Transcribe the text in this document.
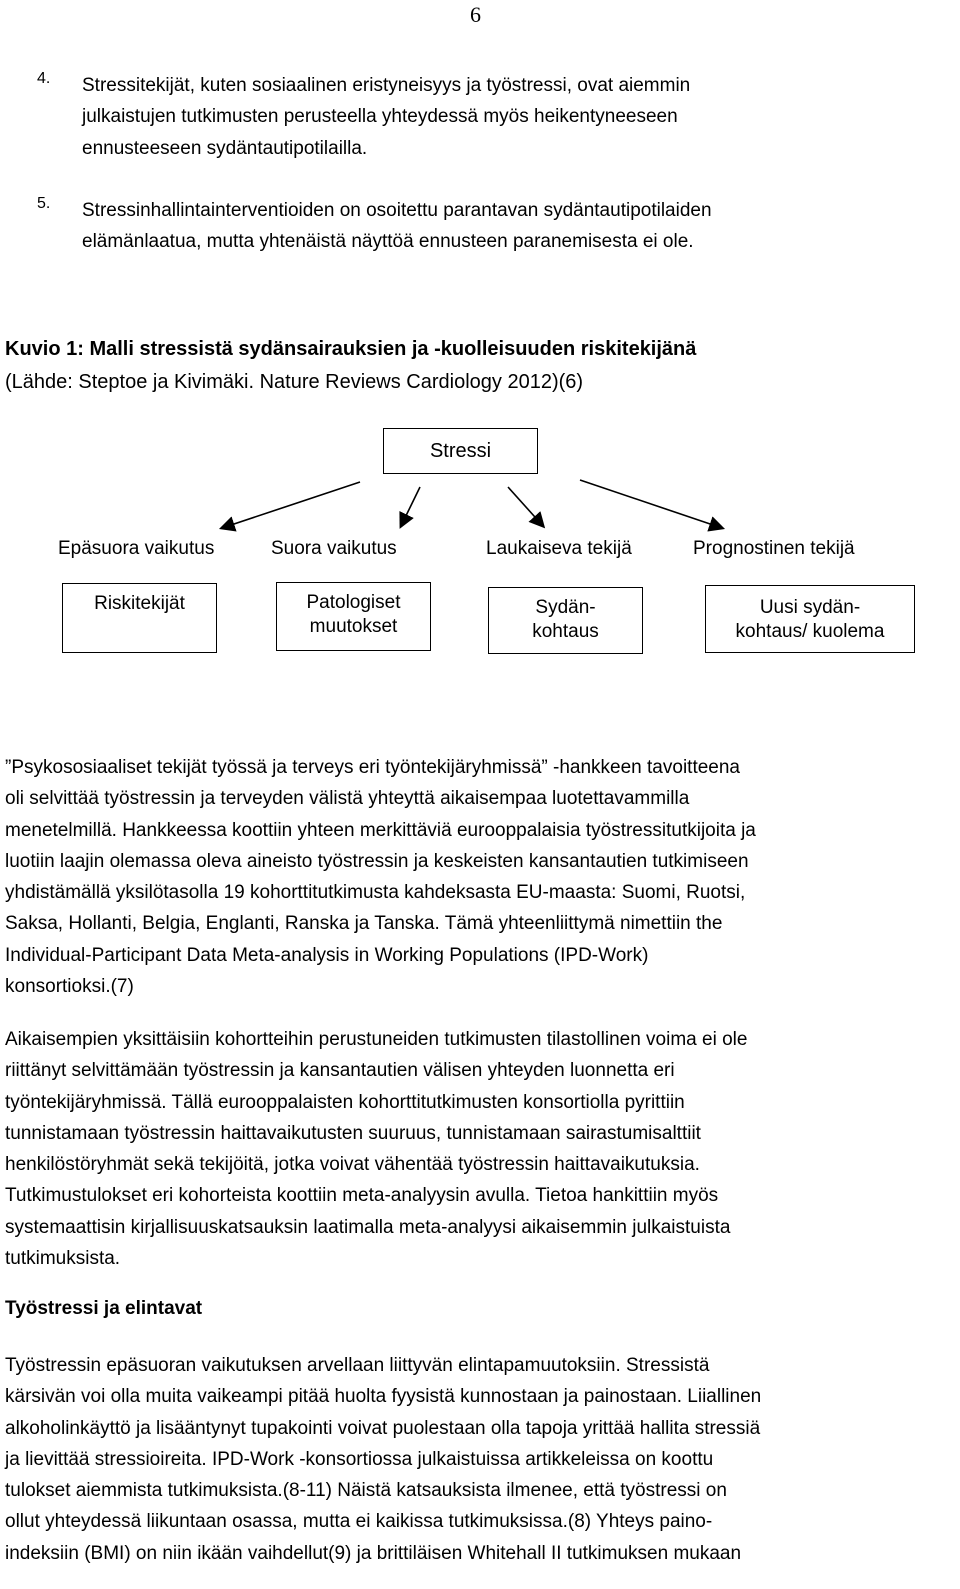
6
4. Stressitekijät, kuten sosiaalinen eristyneisyys ja työstressi, ovat aiemmin
julkaistujen tutkimusten perusteella yhteydessä myös heikentyneeseen
ennusteeseen sydäntautipotilailla.
5. Stressinhallintainterventioiden on osoitettu parantavan sydäntautipotilaiden
elämänlaatua, mutta yhtenäistä näyttöä ennusteen paranemisesta ei ole.
Kuvio 1: Malli stressistä sydänsairauksien ja -kuolleisuuden riskitekijänä
(Lähde: Steptoe ja Kivimäki. Nature Reviews Cardiology 2012)(6)
Stressi
Epäsuora vaikutus	Suora vaikutus	Laukaiseva tekijä	Prognostinen tekijä
Riskitekijät	Patologiset
muutokset
Sydän-
kohtaus
Uusi sydän-
kohtaus/ kuolema
”Psykososiaaliset tekijät työssä ja terveys eri työntekijäryhmissä” -hankkeen tavoitteena
oli selvittää työstressin ja terveyden välistä yhteyttä aikaisempaa luotettavammilla
menetelmillä. Hankkeessa koottiin yhteen merkittäviä eurooppalaisia työstressitutkijoita ja
luotiin laajin olemassa oleva aineisto työstressin ja keskeisten kansantautien tutkimiseen
yhdistämällä yksilötasolla 19 kohorttitutkimusta kahdeksasta EU-maasta: Suomi, Ruotsi,
Saksa, Hollanti, Belgia, Englanti, Ranska ja Tanska. Tämä yhteenliittymä nimettiin the
Individual-Participant Data Meta-analysis in Working Populations (IPD-Work)
konsortioksi.(7)
Aikaisempien yksittäisiin kohortteihin perustuneiden tutkimusten tilastollinen voima ei ole
riittänyt selvittämään työstressin ja kansantautien välisen yhteyden luonnetta eri
työntekijäryhmissä. Tällä eurooppalaisten kohorttitutkimusten konsortiolla pyrittiin
tunnistamaan työstressin haittavaikutusten suuruus, tunnistamaan sairastumisalttiit
henkilöstöryhmät sekä tekijöitä, jotka voivat vähentää työstressin haittavaikutuksia.
Tutkimustulokset eri kohorteista koottiin meta-analyysin avulla. Tietoa hankittiin myös
systemaattisin kirjallisuuskatsauksin laatimalla meta-analyysi aikaisemmin julkaistuista
tutkimuksista.
Työstressi ja elintavat
Työstressin epäsuoran vaikutuksen arvellaan liittyvän elintapamuutoksiin. Stressistä
kärsivän voi olla muita vaikeampi pitää huolta fyysistä kunnostaan ja painostaan. Liiallinen
alkoholinkäyttö ja lisääntynyt tupakointi voivat puolestaan olla tapoja yrittää hallita stressiä
ja lievittää stressioireita. IPD-Work -konsortiossa julkaistuissa artikkeleissa on koottu
tulokset aiemmista tutkimuksista.(8-11) Näistä katsauksista ilmenee, että työstressi on
ollut yhteydessä liikuntaan osassa, mutta ei kaikissa tutkimuksissa.(8) Yhteys paino-
indeksiin (BMI) on niin ikään vaihdellut(9) ja brittiläisen Whitehall II tutkimuksen mukaan
